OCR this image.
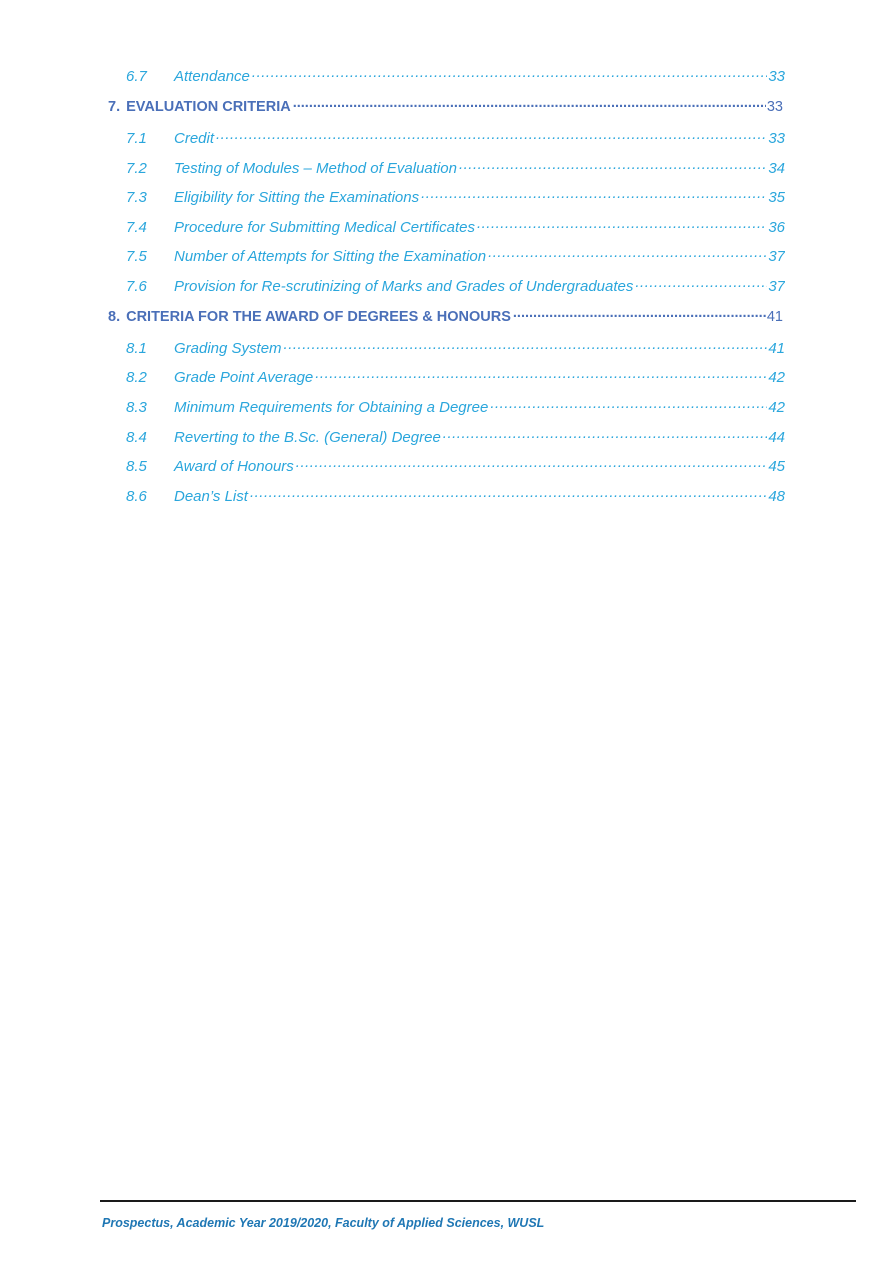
6.7	Attendance .....	33
7. EVALUATION CRITERIA .....	33
7.1	Credit .....	33
7.2	Testing of Modules – Method of Evaluation .....	34
7.3	Eligibility for Sitting the Examinations .....	35
7.4	Procedure for Submitting Medical Certificates .....	36
7.5	Number of Attempts for Sitting the Examination .....	37
7.6	Provision for Re-scrutinizing of Marks and Grades of Undergraduates .....	37
8. CRITERIA FOR THE AWARD OF DEGREES & HONOURS .....	41
8.1	Grading System .....	41
8.2	Grade Point Average .....	42
8.3	Minimum Requirements for Obtaining a Degree .....	42
8.4	Reverting to the B.Sc. (General) Degree .....	44
8.5	Award of Honours .....	45
8.6	Dean’s List .....	48
Prospectus, Academic Year 2019/2020, Faculty of Applied Sciences, WUSL
